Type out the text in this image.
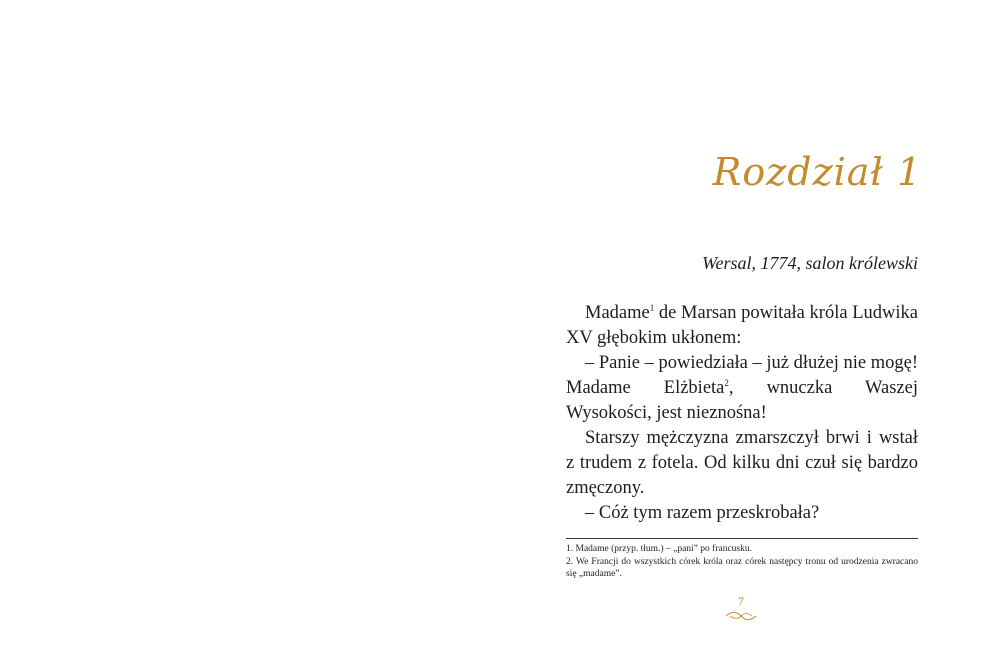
Rozdział 1
Wersal, 1774, salon królewski

Madame$^1$ de Marsan powitała króla Ludwika XV głębokim ukłonem:

– Panie – powiedziała – już dłużej nie mogę! Madame Elżbieta$^2$, wnuczka Waszej Wysokości, jest nieznośna!

Starszy mężczyzna zmarszczył brwi i wstał z trudem z fotela. Od kilku dni czuł się bardzo zmęczony.

– Cóż tym razem przeskrobała?

1. Madame (przyp. tłum.) – „pani” po francusku.

2. We Francji do wszystkich córek króla oraz córek następcy tronu od urodzenia zwracano się „madame”.

7
